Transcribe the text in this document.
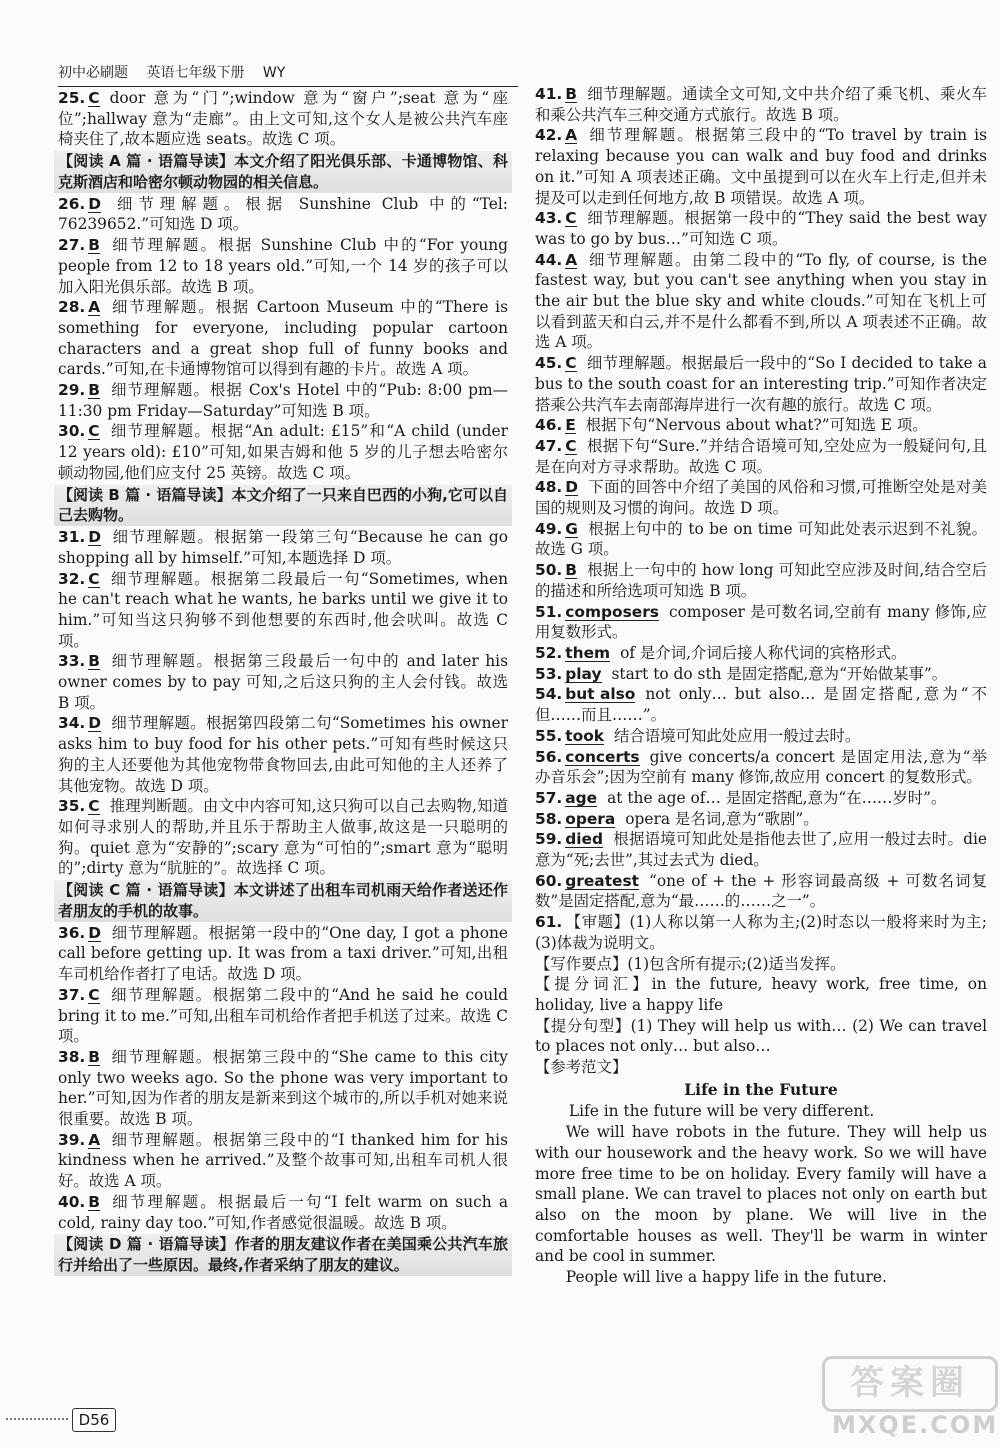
初中必刷题 英语七年级下册 WY
25. C door 意为“门”;window 意为“窗户”;seat 意为“座位”;hallway 意为“走廊”。由上文可知,这个女人是被公共汽车座椅夹住了,故本题应选 seats。故选 C 项。
【阅读 A 篇 · 语篇导读】本文介绍了阳光俱乐部、卡通博物馆、科克斯酒店和哈密尔顿动物园的相关信息。
26. D 细节理解题。根据 Sunshine Club 中的“Tel: 76239652.”可知选 D 项。
27. B 细节理解题。根据 Sunshine Club 中的“For young people from 12 to 18 years old.”可知,一个 14 岁的孩子可以加入阳光俱乐部。故选 B 项。
28. A 细节理解题。根据 Cartoon Museum 中的“There is something for everyone, including popular cartoon characters and a great shop full of funny books and cards.”可知,在卡通博物馆可以得到有趣的卡片。故选 A 项。
29. B 细节理解题。根据 Cox's Hotel 中的“Pub: 8:00 pm—11:30 pm Friday—Saturday”可知选 B 项。
30. C 细节理解题。根据“An adult: £15”和“A child (under 12 years old): £10”可知,如果吉姆和他 5 岁的儿子想去哈密尔顿动物园,他们应支付 25 英镑。故选 C 项。
【阅读 B 篇 · 语篇导读】本文介绍了一只来自巴西的小狗,它可以自己去购物。
31. D 细节理解题。根据第一段第三句“Because he can go shopping all by himself.”可知,本题选择 D 项。
32. C 细节理解题。根据第二段最后一句“Sometimes, when he can't reach what he wants, he barks until we give it to him.”可知当这只狗够不到他想要的东西时,他会吠叫。故选 C 项。
33. B 细节理解题。根据第三段最后一句中的 and later his owner comes by to pay 可知,之后这只狗的主人会付钱。故选 B 项。
34. D 细节理解题。根据第四段第二句“Sometimes his owner asks him to buy food for his other pets.”可知有些时候这只狗的主人还要他为其他宠物带食物回去,由此可知他的主人还养了其他宠物。故选 D 项。
35. C 推理判断题。由文中内容可知,这只狗可以自己去购物,知道如何寻求别人的帮助,并且乐于帮助主人做事,故这是一只聪明的狗。quiet 意为“安静的”;scary 意为“可怕的”;smart 意为“聪明的”;dirty 意为“肮脏的”。故选择 C 项。
【阅读 C 篇 · 语篇导读】本文讲述了出租车司机雨天给作者送还作者朋友的手机的故事。
36. D 细节理解题。根据第一段中的“One day, I got a phone call before getting up. It was from a taxi driver.”可知,出租车司机给作者打了电话。故选 D 项。
37. C 细节理解题。根据第二段中的“And he said he could bring it to me.”可知,出租车司机给作者把手机送了过来。故选 C 项。
38. B 细节理解题。根据第三段中的“She came to this city only two weeks ago. So the phone was very important to her.”可知,因为作者的朋友是新来到这个城市的,所以手机对她来说很重要。故选 B 项。
39. A 细节理解题。根据第三段中的“I thanked him for his kindness when he arrived.”及整个故事可知,出租车司机人很好。故选 A 项。
40. B 细节理解题。根据最后一句“I felt warm on such a cold, rainy day too.”可知,作者感觉很温暖。故选 B 项。
【阅读 D 篇 · 语篇导读】作者的朋友建议作者在美国乘公共汽车旅行并给出了一些原因。最终,作者采纳了朋友的建议。
41. B 细节理解题。通读全文可知,文中共介绍了乘飞机、乘火车和乘公共汽车三种交通方式旅行。故选 B 项。
42. A 细节理解题。根据第三段中的“To travel by train is relaxing because you can walk and buy food and drinks on it.”可知 A 项表述正确。文中虽提到可以在火车上行走,但并未提及可以走到任何地方,故 B 项错误。故选 A 项。
43. C 细节理解题。根据第一段中的“They said the best way was to go by bus…”可知选 C 项。
44. A 细节理解题。由第二段中的“To fly, of course, is the fastest way, but you can't see anything when you stay in the air but the blue sky and white clouds.”可知在飞机上可以看到蓝天和白云,并不是什么都看不到,所以 A 项表述不正确。故选 A 项。
45. C 细节理解题。根据最后一段中的“So I decided to take a bus to the south coast for an interesting trip.”可知作者决定搭乘公共汽车去南部海岸进行一次有趣的旅行。故选 C 项。
46. E 根据下句“Nervous about what?”可知选 E 项。
47. C 根据下句“Sure.”并结合语境可知,空处应为一般疑问句,且是在向对方寻求帮助。故选 C 项。
48. D 下面的回答中介绍了美国的风俗和习惯,可推断空处是对美国的规则及习惯的询问。故选 D 项。
49. G 根据上句中的 to be on time 可知此处表示迟到不礼貌。故选 G 项。
50. B 根据上一句中的 how long 可知此空应涉及时间,结合空后的描述和所给选项可知选 B 项。
51. composers composer 是可数名词,空前有 many 修饰,应用复数形式。
52. them of 是介词,介词后接人称代词的宾格形式。
53. play start to do sth 是固定搭配,意为“开始做某事”。
54. but also not only… but also… 是固定搭配,意为“不但……而且……”。
55. took 结合语境可知此处应用一般过去时。
56. concerts give concerts/a concert 是固定用法,意为“举办音乐会”;因为空前有 many 修饰,故应用 concert 的复数形式。
57. age at the age of… 是固定搭配,意为“在……岁时”。
58. opera opera 是名词,意为“歌剧”。
59. died 根据语境可知此处是指他去世了,应用一般过去时。die 意为“死;去世”,其过去式为 died。
60. greatest “one of + the + 形容词最高级 + 可数名词复数”是固定搭配,意为“最……的……之一”。
61. 【审题】(1)人称以第一人称为主;(2)时态以一般将来时为主;(3)体裁为说明文。
【写作要点】(1)包含所有提示;(2)适当发挥。
【提分词汇】in the future, heavy work, free time, on holiday, live a happy life
【提分句型】(1) They will help us with… (2) We can travel to places not only… but also…
【参考范文】
Life in the Future

Life in the future will be very different.

We will have robots in the future. They will help us with our housework and the heavy work. So we will have more free time to be on holiday. Every family will have a small plane. We can travel to places not only on earth but also on the moon by plane. We will live in the comfortable houses as well. They'll be warm in winter and be cool in summer.

People will live a happy life in the future.

D56
答案圈
MXQE.COM
